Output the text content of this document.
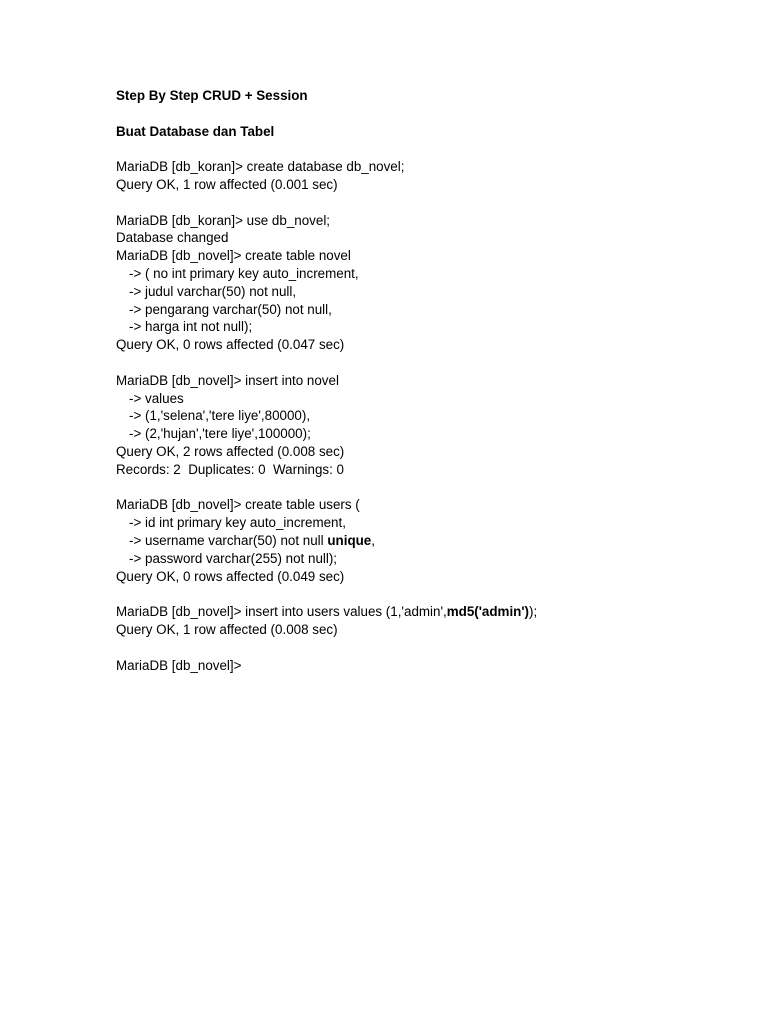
Step By Step CRUD + Session
Buat Database dan Tabel
MariaDB [db_koran]> create database db_novel;
Query OK, 1 row affected (0.001 sec)
MariaDB [db_koran]> use db_novel;
Database changed
MariaDB [db_novel]> create table novel
-> ( no int primary key auto_increment,
-> judul varchar(50) not null,
-> pengarang varchar(50) not null,
-> harga int not null);
Query OK, 0 rows affected (0.047 sec)
MariaDB [db_novel]> insert into novel
-> values
-> (1,'selena','tere liye',80000),
-> (2,'hujan','tere liye',100000);
Query OK, 2 rows affected (0.008 sec)
Records: 2  Duplicates: 0  Warnings: 0
MariaDB [db_novel]> create table users (
-> id int primary key auto_increment,
-> username varchar(50) not null unique,
-> password varchar(255) not null);
Query OK, 0 rows affected (0.049 sec)
MariaDB [db_novel]> insert into users values (1,'admin',md5('admin'));
Query OK, 1 row affected (0.008 sec)
MariaDB [db_novel]>
